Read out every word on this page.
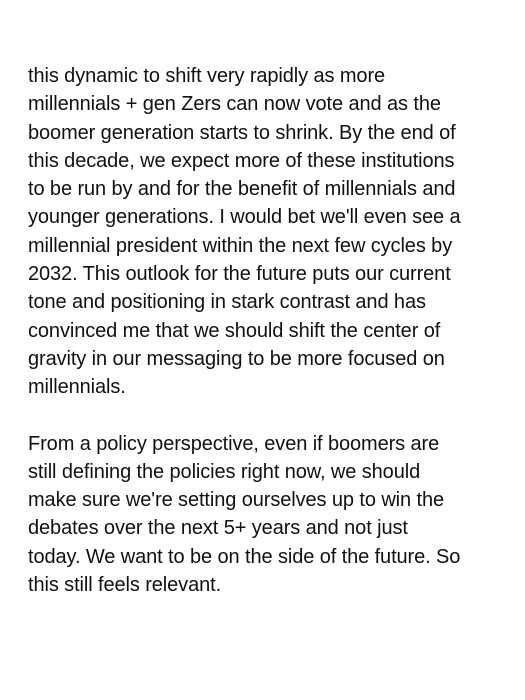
this dynamic to shift very rapidly as more
millennials + gen Zers can now vote and as the
boomer generation starts to shrink. By the end of
this decade, we expect more of these institutions
to be run by and for the benefit of millennials and
younger generations. I would bet we'll even see a
millennial president within the next few cycles by
2032. This outlook for the future puts our current
tone and positioning in stark contrast and has
convinced me that we should shift the center of
gravity in our messaging to be more focused on
millennials.

From a policy perspective, even if boomers are
still defining the policies right now, we should
make sure we're setting ourselves up to win the
debates over the next 5+ years and not just
today. We want to be on the side of the future. So
this still feels relevant.
